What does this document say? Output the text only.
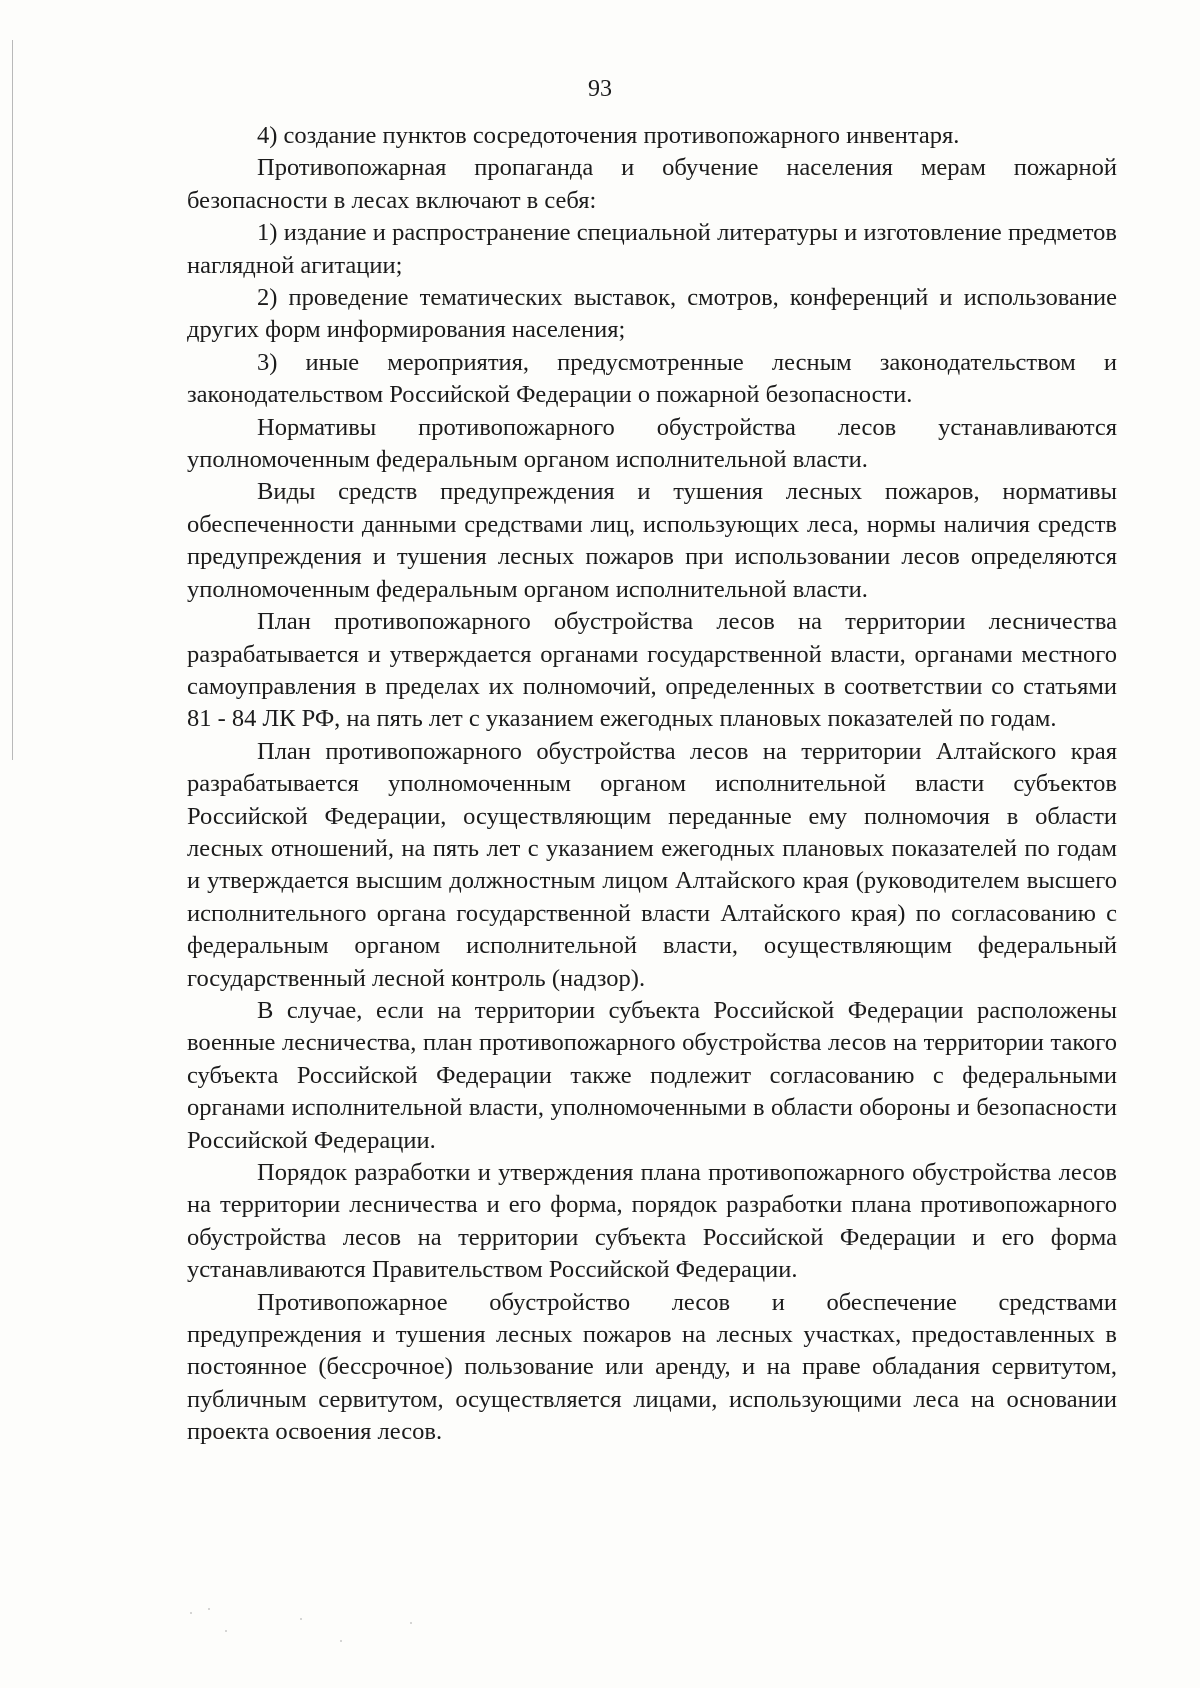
93

4) создание пунктов сосредоточения противопожарного инвентаря.

Противопожарная пропаганда и обучение населения мерам пожарной безопасности в лесах включают в себя:

1) издание и распространение специальной литературы и изготовление предметов наглядной агитации;

2) проведение тематических выставок, смотров, конференций и использование других форм информирования населения;

3) иные мероприятия, предусмотренные лесным законодательством и законодательством Российской Федерации о пожарной безопасности.

Нормативы противопожарного обустройства лесов устанавливаются уполномоченным федеральным органом исполнительной власти.

Виды средств предупреждения и тушения лесных пожаров, нормативы обеспеченности данными средствами лиц, использующих леса, нормы наличия средств предупреждения и тушения лесных пожаров при использовании лесов определяются уполномоченным федеральным органом исполнительной власти.

План противопожарного обустройства лесов на территории лесничества разрабатывается и утверждается органами государственной власти, органами местного самоуправления в пределах их полномочий, определенных в соответствии со статьями 81 - 84 ЛК РФ, на пять лет с указанием ежегодных плановых показателей по годам.

План противопожарного обустройства лесов на территории Алтайского края разрабатывается уполномоченным органом исполнительной власти субъектов Российской Федерации, осуществляющим переданные ему полномочия в области лесных отношений, на пять лет с указанием ежегодных плановых показателей по годам и утверждается высшим должностным лицом Алтайского края (руководителем высшего исполнительного органа государственной власти Алтайского края) по согласованию с федеральным органом исполнительной власти, осуществляющим федеральный государственный лесной контроль (надзор).

В случае, если на территории субъекта Российской Федерации расположены военные лесничества, план противопожарного обустройства лесов на территории такого субъекта Российской Федерации также подлежит согласованию с федеральными органами исполнительной власти, уполномоченными в области обороны и безопасности Российской Федерации.

Порядок разработки и утверждения плана противопожарного обустройства лесов на территории лесничества и его форма, порядок разработки плана противопожарного обустройства лесов на территории субъекта Российской Федерации и его форма устанавливаются Правительством Российской Федерации.

Противопожарное обустройство лесов и обеспечение средствами предупреждения и тушения лесных пожаров на лесных участках, предоставленных в постоянное (бессрочное) пользование или аренду, и на праве обладания сервитутом, публичным сервитутом, осуществляется лицами, использующими леса на основании проекта освоения лесов.
